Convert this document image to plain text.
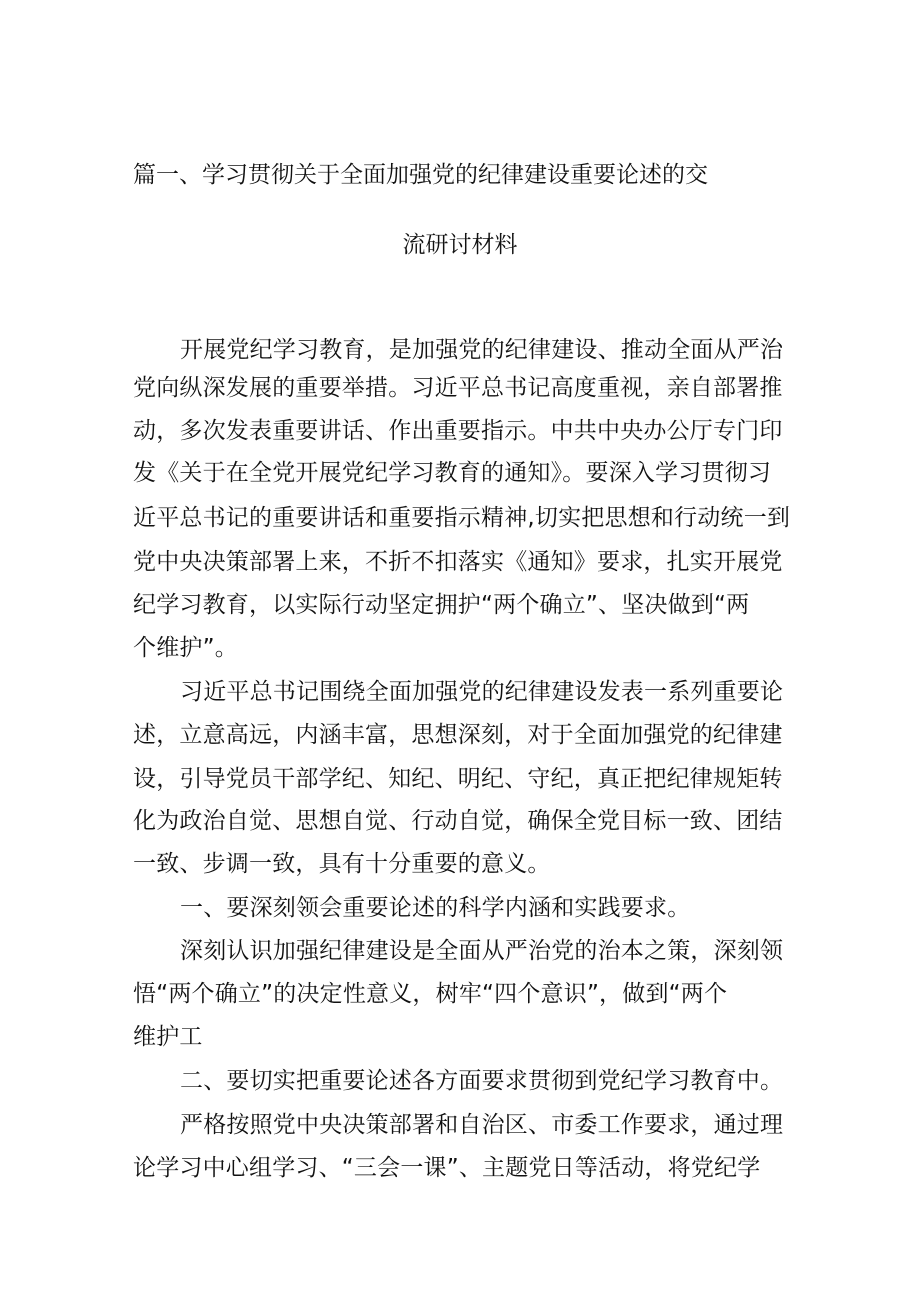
篇一、学习贯彻关于全面加强党的纪律建设重要论述的交
流研讨材料
开展党纪学习教育，是加强党的纪律建设、推动全面从严治
党向纵深发展的重要举措。习近平总书记高度重视，亲自部署推
动，多次发表重要讲话、作出重要指示。中共中央办公厅专门印
发《关于在全党开展党纪学习教育的通知》。要深入学习贯彻习
近平总书记的重要讲话和重要指示精神,切实把思想和行动统一到
党中央决策部署上来，不折不扣落实《通知》要求，扎实开展党
纪学习教育，以实际行动坚定拥护“两个确立”、坚决做到“两
个维护”。
习近平总书记围绕全面加强党的纪律建设发表一系列重要论
述，立意高远，内涵丰富，思想深刻，对于全面加强党的纪律建
设，引导党员干部学纪、知纪、明纪、守纪，真正把纪律规矩转
化为政治自觉、思想自觉、行动自觉，确保全党目标一致、团结
一致、步调一致，具有十分重要的意义。
一、要深刻领会重要论述的科学内涵和实践要求。
深刻认识加强纪律建设是全面从严治党的治本之策，深刻领
悟“两个确立”的决定性意义，树牢“四个意识”，做到“两个
维护工
二、要切实把重要论述各方面要求贯彻到党纪学习教育中。
严格按照党中央决策部署和自治区、市委工作要求，通过理
论学习中心组学习、“三会一课”、主题党日等活动，将党纪学
